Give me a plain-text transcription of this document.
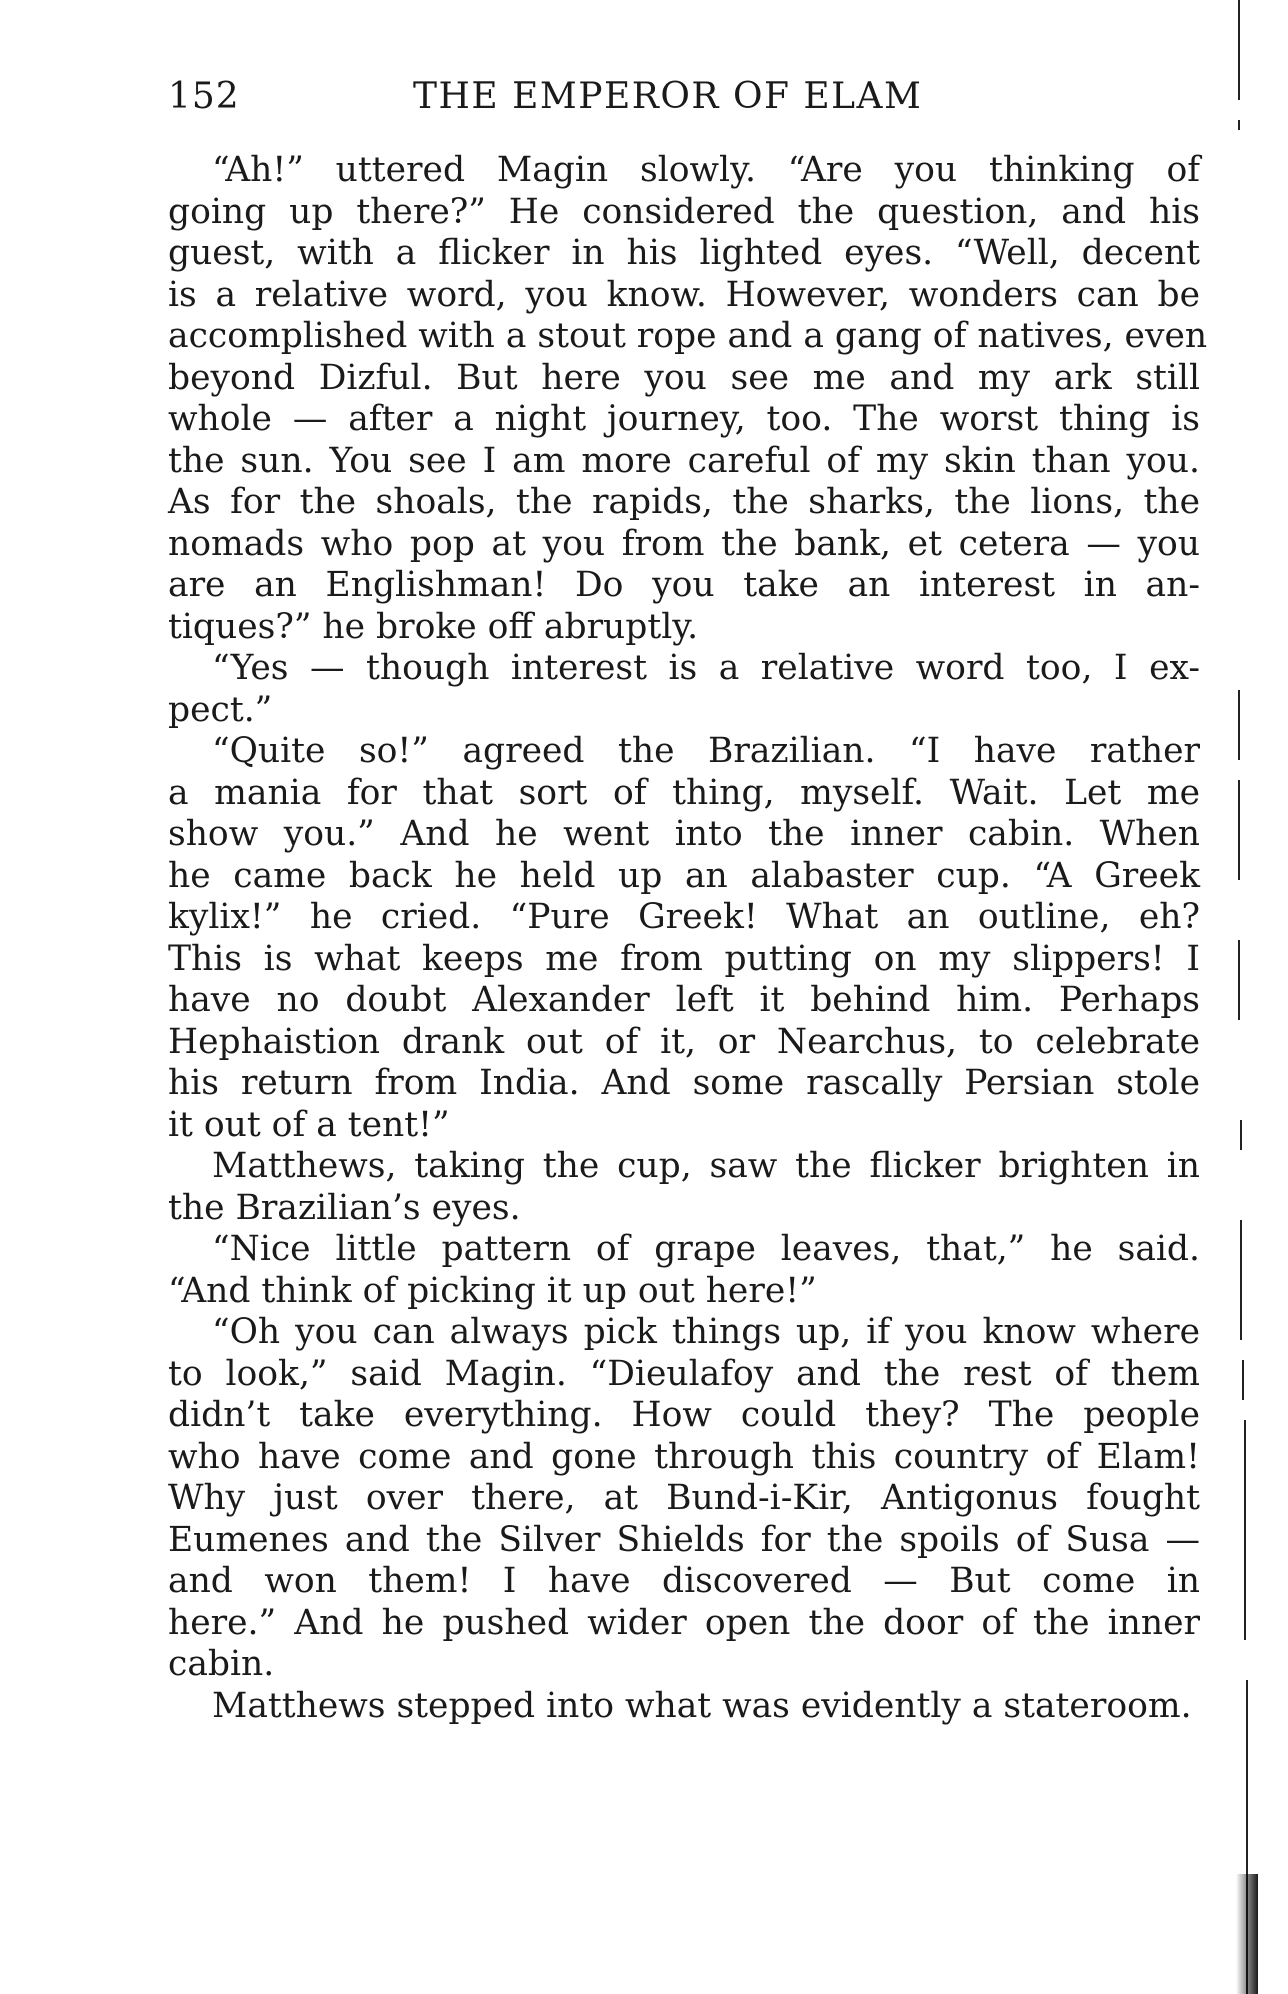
152	THE EMPEROR OF ELAM
“Ah!” uttered Magin slowly. “Are you thinking of
going up there?” He considered the question, and his
guest, with a flicker in his lighted eyes. “Well, decent
is a relative word, you know. However, wonders can be
accomplished with a stout rope and a gang of natives, even
beyond Dizful. But here you see me and my ark still
whole — after a night journey, too. The worst thing is
the sun. You see I am more careful of my skin than you.
As for the shoals, the rapids, the sharks, the lions, the
nomads who pop at you from the bank, et cetera — you
are an Englishman! Do you take an interest in an-
tiques?” he broke off abruptly.
“Yes — though interest is a relative word too, I ex-
pect.”
“Quite so!” agreed the Brazilian. “I have rather
a mania for that sort of thing, myself. Wait. Let me
show you.” And he went into the inner cabin. When
he came back he held up an alabaster cup. “A Greek
kylix!” he cried. “Pure Greek! What an outline, eh?
This is what keeps me from putting on my slippers! I
have no doubt Alexander left it behind him. Perhaps
Hephaistion drank out of it, or Nearchus, to celebrate
his return from India. And some rascally Persian stole
it out of a tent!”
Matthews, taking the cup, saw the flicker brighten in
the Brazilian’s eyes.
“Nice little pattern of grape leaves, that,” he said.
“And think of picking it up out here!”
“Oh you can always pick things up, if you know where
to look,” said Magin. “Dieulafoy and the rest of them
didn’t take everything. How could they? The people
who have come and gone through this country of Elam!
Why just over there, at Bund-i-Kir, Antigonus fought
Eumenes and the Silver Shields for the spoils of Susa —
and won them! I have discovered — But come in
here.” And he pushed wider open the door of the inner
cabin.
Matthews stepped into what was evidently a stateroom.
